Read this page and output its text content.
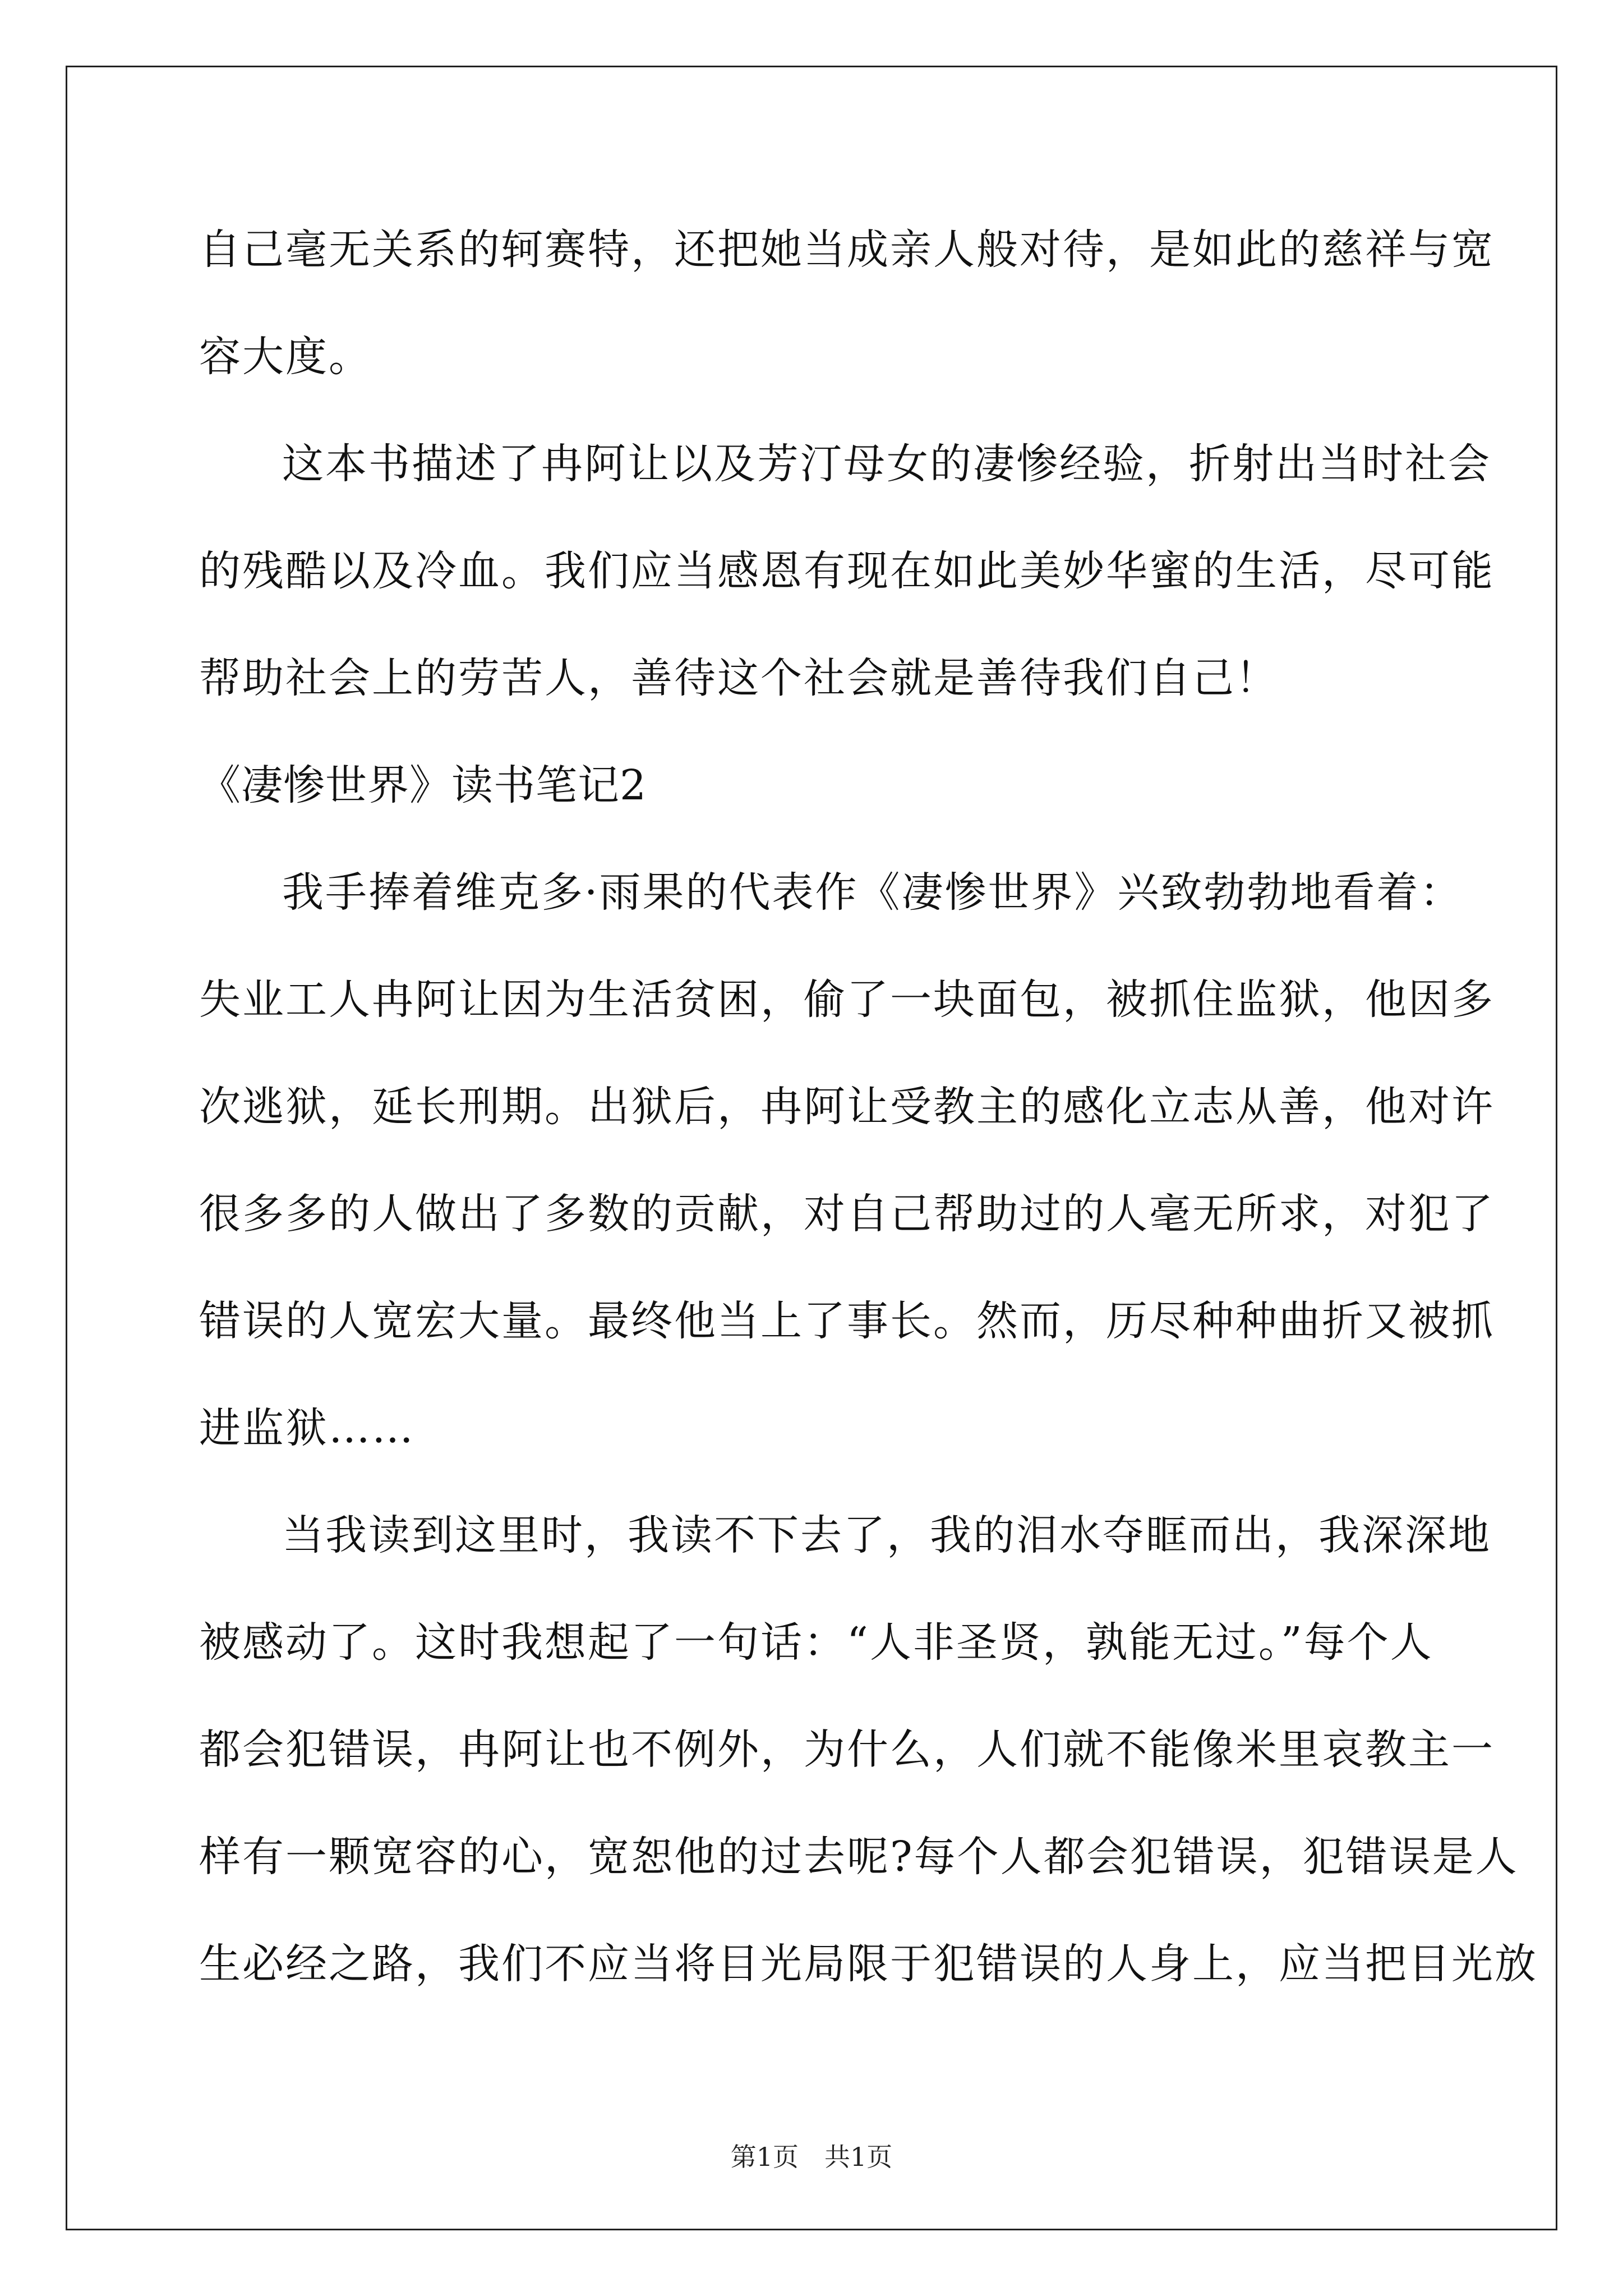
自己毫无关系的轲赛特，还把她当成亲人般对待，是如此的慈祥与宽
容大度。
这本书描述了冉阿让以及芳汀母女的凄惨经验，折射出当时社会
的残酷以及冷血。我们应当感恩有现在如此美妙华蜜的生活，尽可能
帮助社会上的劳苦人，善待这个社会就是善待我们自己！
《凄惨世界》读书笔记2
我手捧着维克多·雨果的代表作《凄惨世界》兴致勃勃地看着：
失业工人冉阿让因为生活贫困，偷了一块面包，被抓住监狱，他因多
次逃狱，延长刑期。出狱后，冉阿让受教主的感化立志从善，他对许
很多多的人做出了多数的贡献，对自己帮助过的人毫无所求，对犯了
错误的人宽宏大量。最终他当上了事长。然而，历尽种种曲折又被抓
进监狱……
当我读到这里时，我读不下去了，我的泪水夺眶而出，我深深地
被感动了。这时我想起了一句话：“人非圣贤，孰能无过。”每个人
都会犯错误，冉阿让也不例外，为什么，人们就不能像米里哀教主一
样有一颗宽容的心，宽恕他的过去呢?每个人都会犯错误，犯错误是人
生必经之路，我们不应当将目光局限于犯错误的人身上，应当把目光放
第1页　共1页
